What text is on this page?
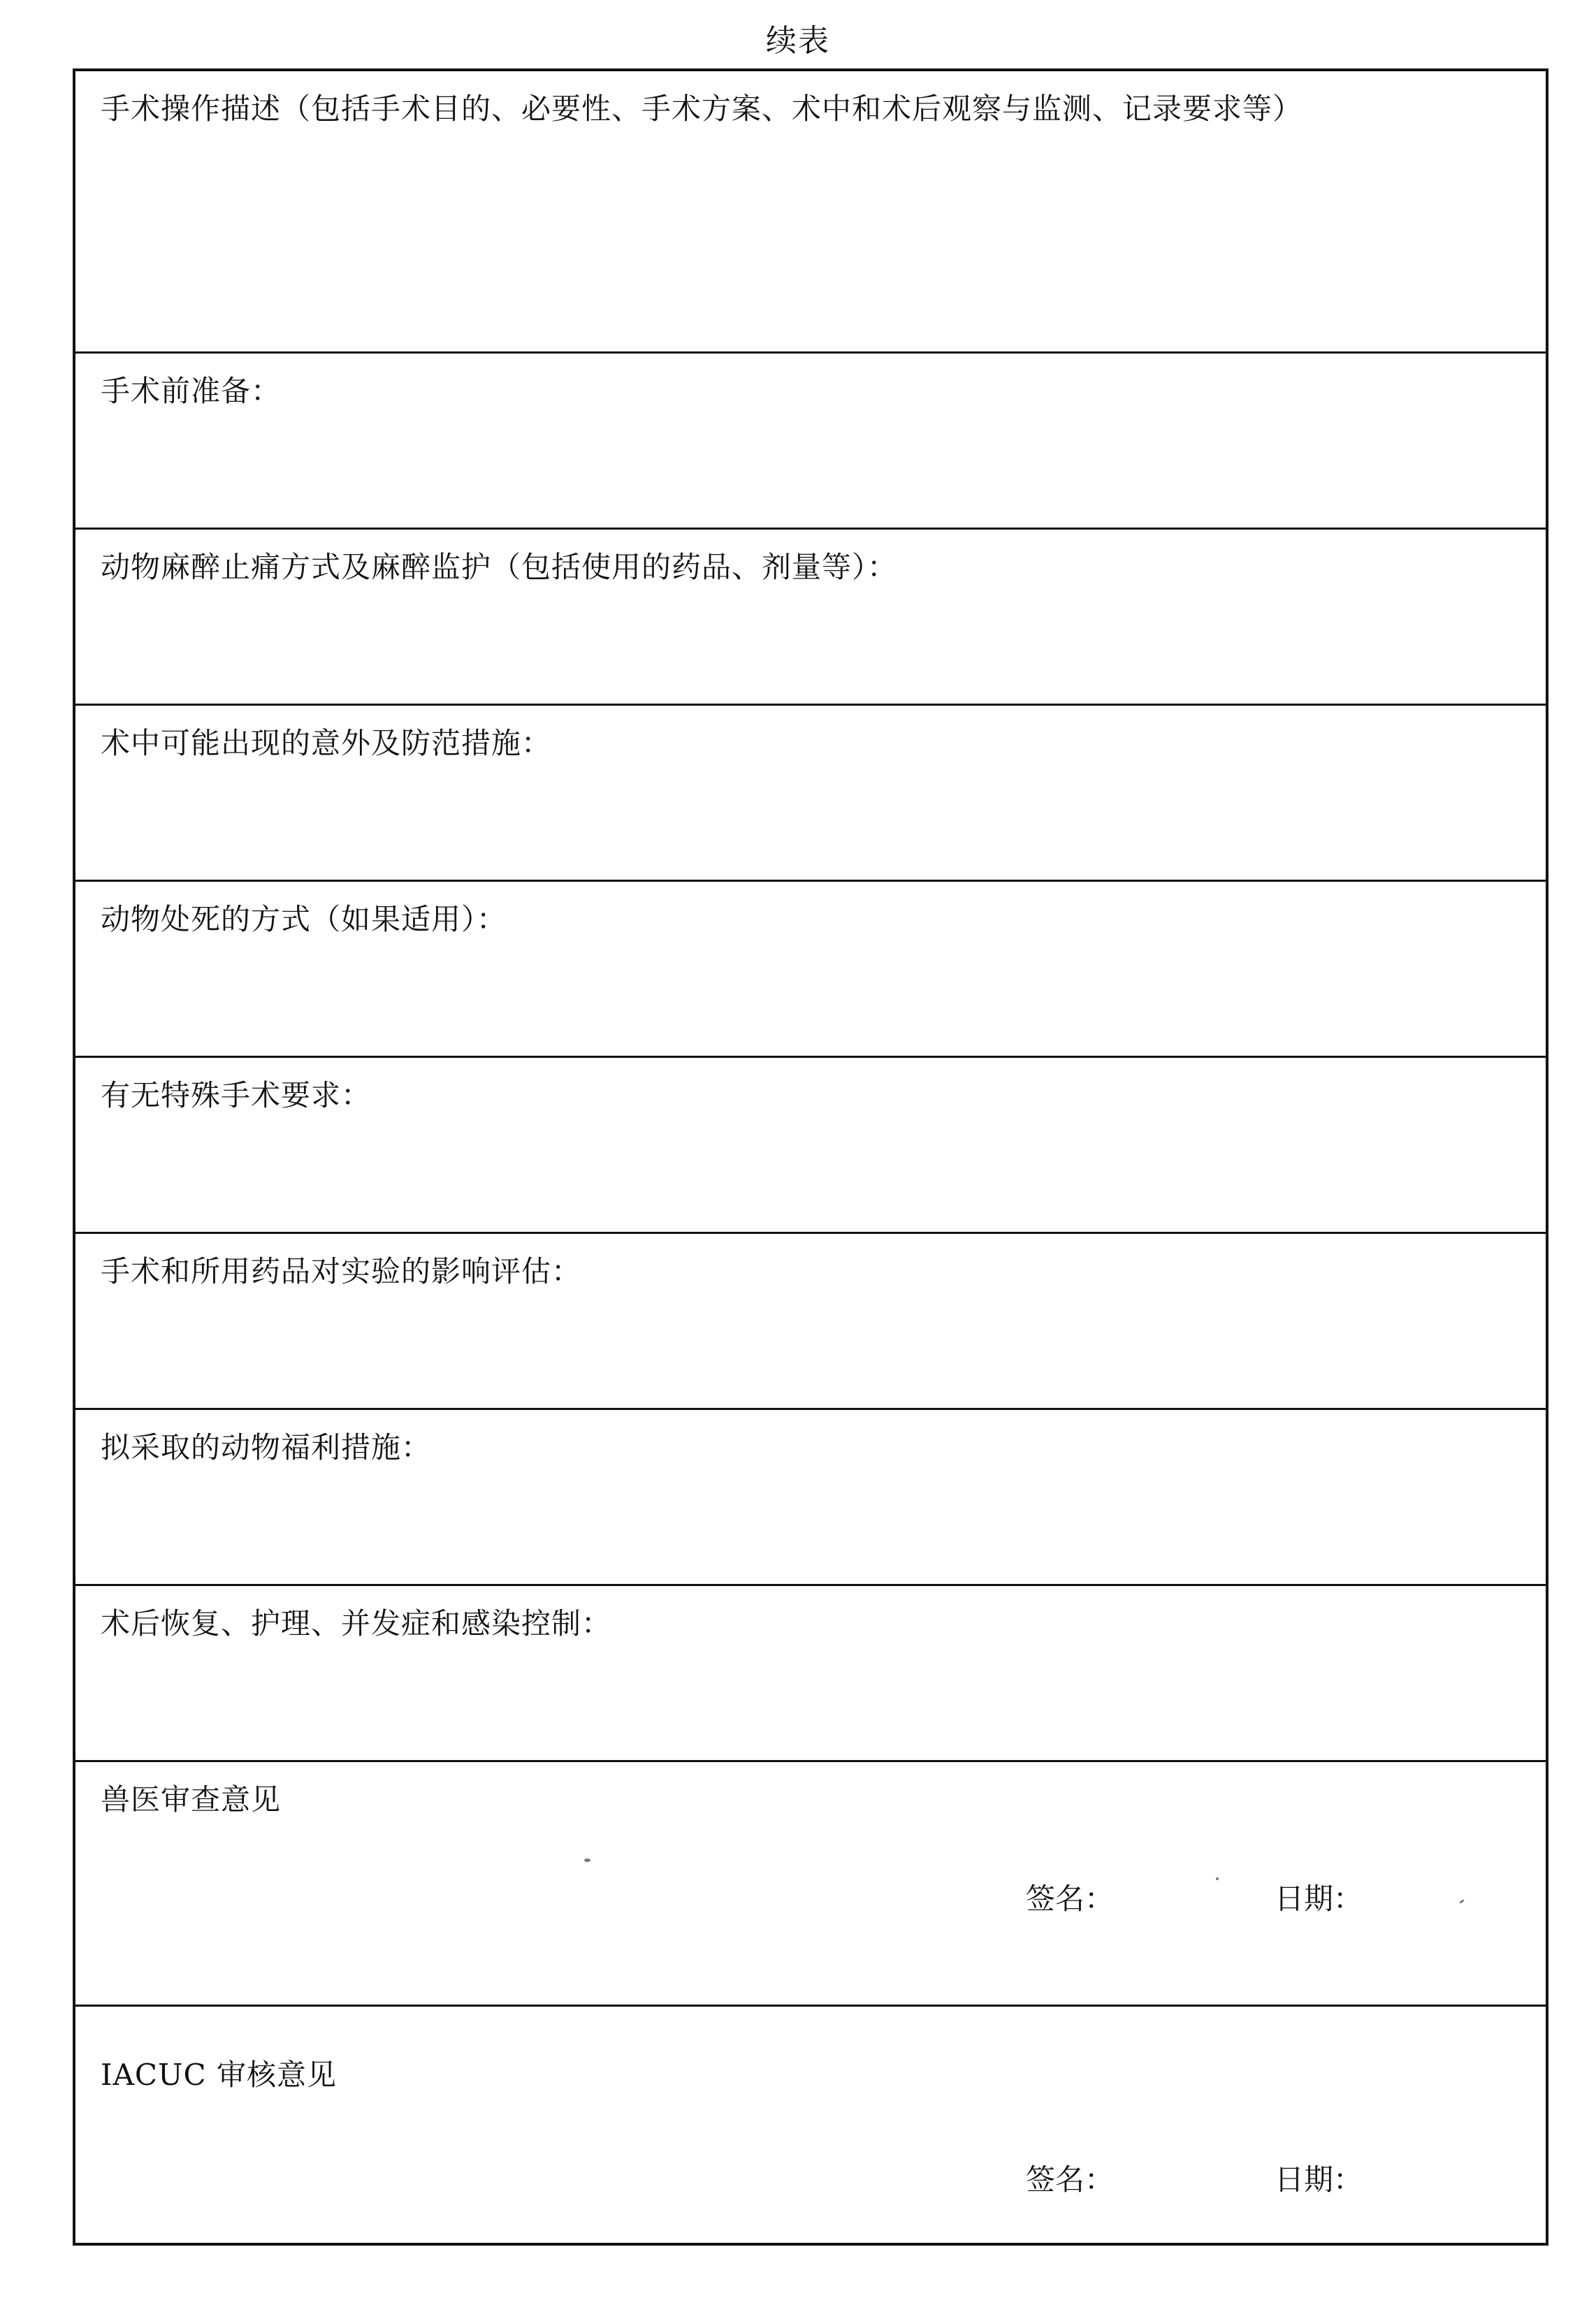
续表
手术操作描述（包括手术目的、必要性、手术方案、术中和术后观察与监测、记录要求等）
手术前准备：
动物麻醉止痛方式及麻醉监护（包括使用的药品、剂量等）：
术中可能出现的意外及防范措施：
动物处死的方式（如果适用）：
有无特殊手术要求：
手术和所用药品对实验的影响评估：
拟采取的动物福利措施：
术后恢复、护理、并发症和感染控制：
兽医审查意见
签名：	日期：
IACUC 审核意见
签名：	日期：
